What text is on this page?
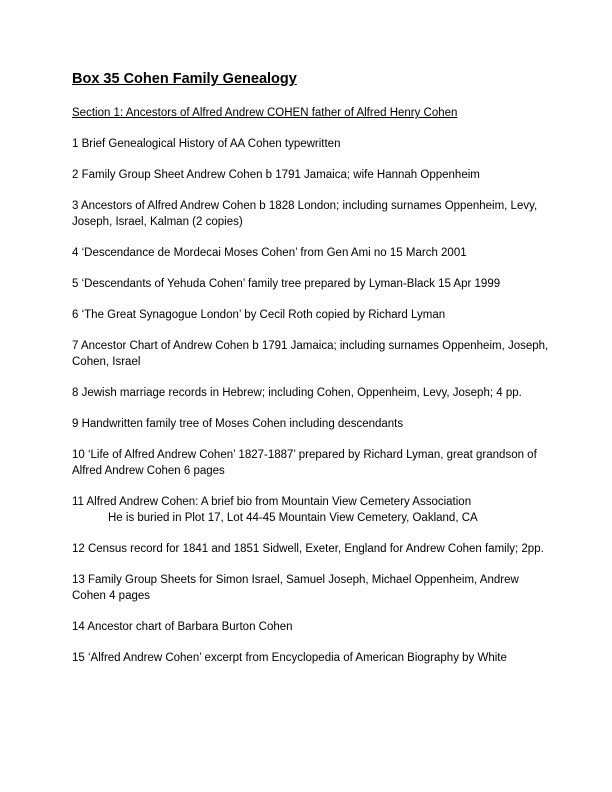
Box 35 Cohen Family Genealogy

Section 1: Ancestors of Alfred Andrew COHEN father of Alfred Henry Cohen

1 Brief Genealogical History of AA Cohen typewritten

2 Family Group Sheet Andrew Cohen b 1791 Jamaica; wife Hannah Oppenheim

3 Ancestors of Alfred Andrew Cohen b 1828 London; including surnames Oppenheim, Levy, Joseph, Israel, Kalman (2 copies)

4 ‘Descendance de Mordecai Moses Cohen’ from Gen Ami no 15 March 2001

5 ‘Descendants of Yehuda Cohen’ family tree prepared by Lyman-Black 15 Apr 1999

6 ‘The Great Synagogue London’ by Cecil Roth copied by Richard Lyman

7 Ancestor Chart of Andrew Cohen b 1791 Jamaica; including surnames Oppenheim, Joseph, Cohen, Israel

8 Jewish marriage records in Hebrew; including Cohen, Oppenheim, Levy, Joseph; 4 pp.

9 Handwritten family tree of Moses Cohen including descendants

10 ‘Life of Alfred Andrew Cohen’ 1827-1887’ prepared by Richard Lyman, great grandson of Alfred Andrew Cohen 6 pages

11 Alfred Andrew Cohen: A brief bio from Mountain View Cemetery Association
He is buried in Plot 17, Lot 44-45 Mountain View Cemetery, Oakland, CA

12 Census record for 1841 and 1851 Sidwell, Exeter, England for Andrew Cohen family; 2pp.

13 Family Group Sheets for Simon Israel, Samuel Joseph, Michael Oppenheim, Andrew Cohen 4 pages

14 Ancestor chart of Barbara Burton Cohen

15 ‘Alfred Andrew Cohen’ excerpt from Encyclopedia of American Biography by White
